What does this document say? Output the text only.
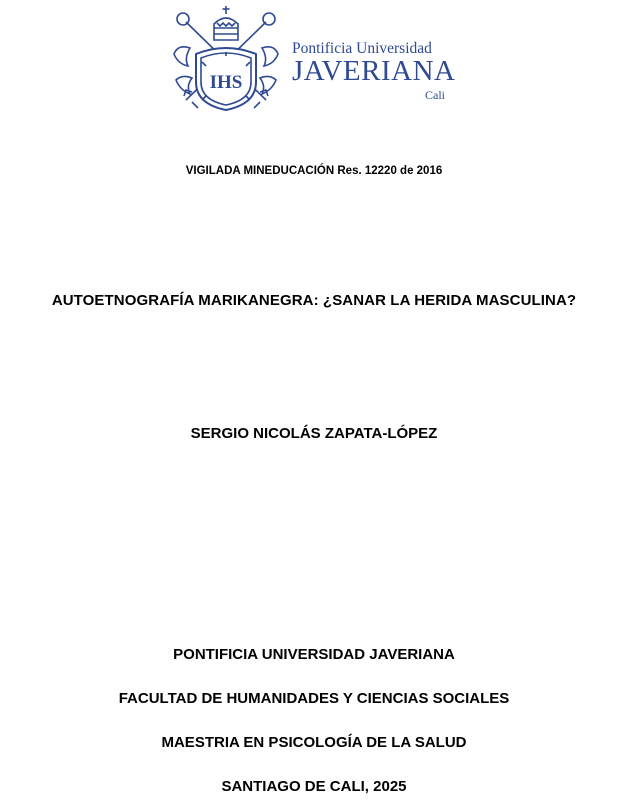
IHS
Pontificia Universidad
JAVERIANA
Cali
VIGILADA MINEDUCACIÓN Res. 12220 de 2016
AUTOETNOGRAFÍA MARIKANEGRA: ¿SANAR LA HERIDA MASCULINA?
SERGIO NICOLÁS ZAPATA-LÓPEZ
PONTIFICIA UNIVERSIDAD JAVERIANA
FACULTAD DE HUMANIDADES Y CIENCIAS SOCIALES
MAESTRIA EN PSICOLOGÍA DE LA SALUD
SANTIAGO DE CALI, 2025
